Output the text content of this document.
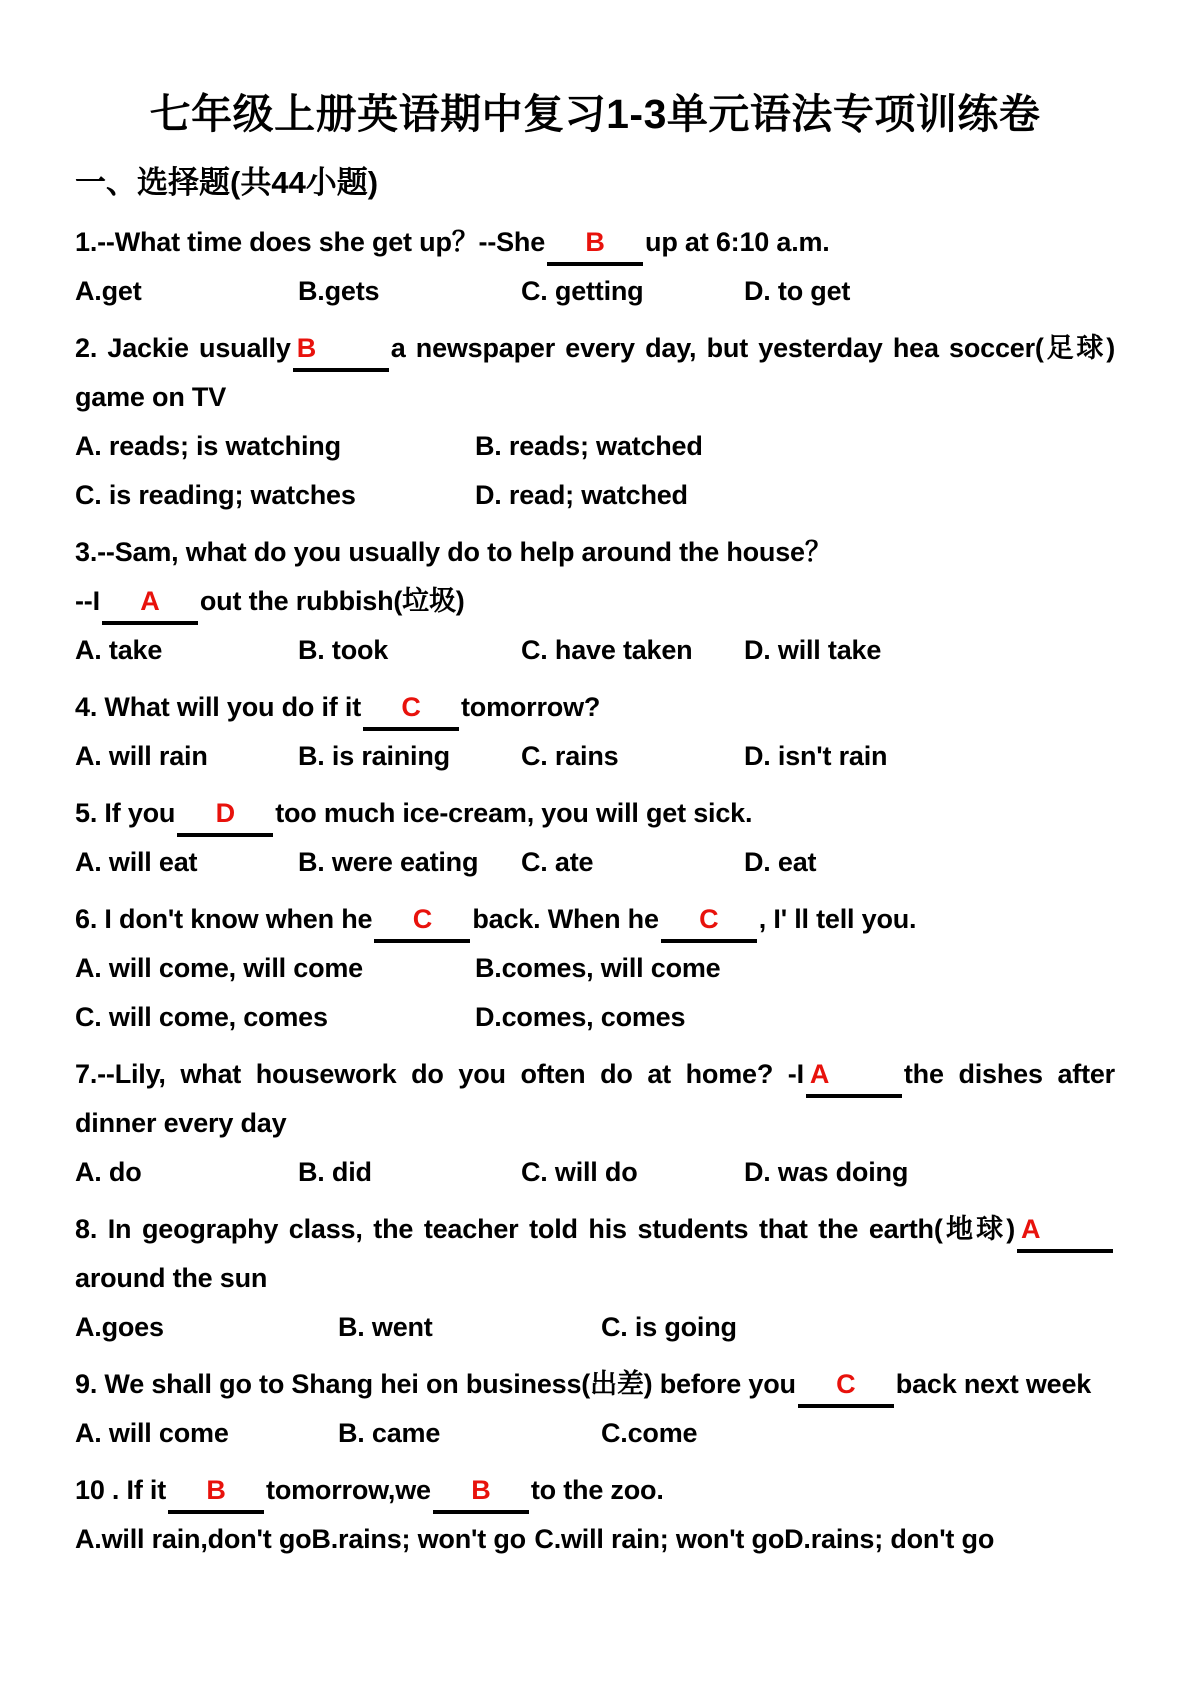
七年级上册英语期中复习1-3单元语法专项训练卷
一、选择题(共44小题)
1.--What time does she get up？--She B up at 6:10 a.m.
A.get	B.gets	C. getting	D. to get
2. Jackie usually B	a newspaper every day, but yesterday hea soccer(足球)
game on TV
A. reads; is watching	B. reads; watched
C. is reading; watches	D. read; watched
3.--Sam, what do you usually do to help around the house？
--I A out the rubbish(垃圾)
A. take	B. took	C. have taken	D. will take
4. What will you do if it C tomorrow?
A. will rain	B. is raining	C. rains	D. isn't rain
5. If you D too much ice-cream, you will get sick.
A. will eat	B. were eating	C. ate	D. eat
6. I don't know when he C back. When he C , I' ll tell you.
A. will come, will come	B.comes, will come
C. will come, comes	D.comes, comes
7.--Lily, what housework do you often do at home? -I A	the dishes after
dinner every day
A. do	B. did	C. will do	D. was doing
8. In geography class, the teacher told his students that the earth(地球) A
around the sun
A.goes	B. went	C. is going
9. We shall go to Shang hei on business(出差) before you C back next week
A. will come	B. came	C.come
10 . If it B tomorrow,we B to the zoo.
A.will rain,don't go B.rains; won't go C.will rain; won't go D.rains; don't go
